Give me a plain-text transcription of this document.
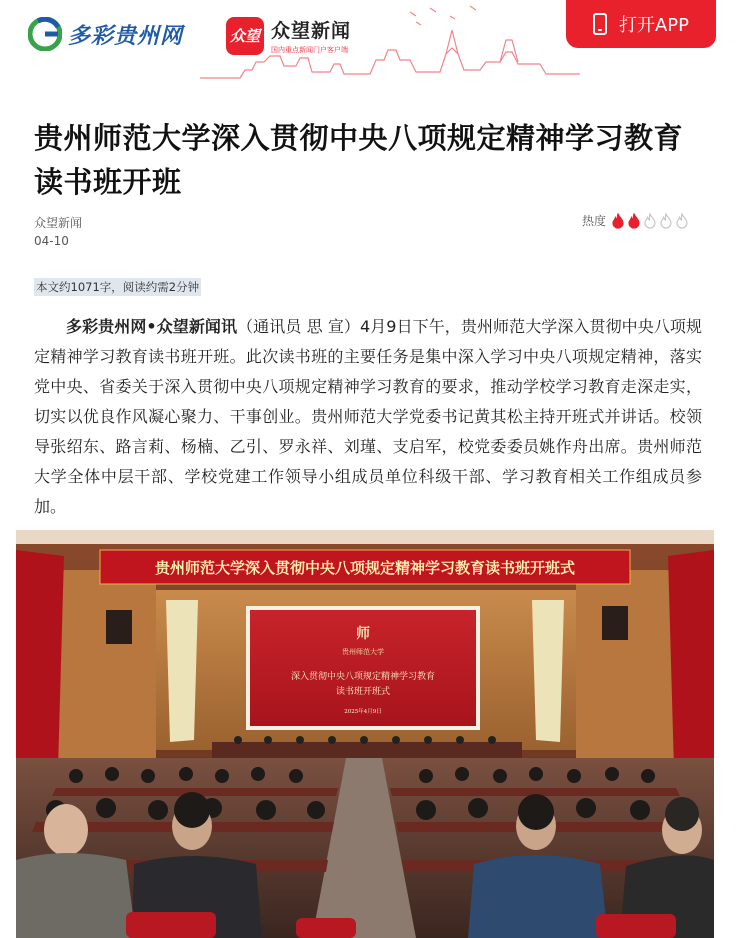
多彩贵州网	众望 众望新闻
国内重点新闻门户客户端
打开APP
贵州师范大学深入贯彻中央八项规定精神学习教育读书班开班
众望新闻
04-10
热度
本文约1071字，阅读约需2分钟

多彩贵州网•众望新闻讯（通讯员 思 宣）4月9日下午，贵州师范大学深入贯彻中央八项规定精神学习教育读书班开班。此次读书班的主要任务是集中深入学习中央八项规定精神，落实党中央、省委关于深入贯彻中央八项规定精神学习教育的要求，推动学校学习教育走深走实，切实以优良作风凝心聚力、干事创业。贵州师范大学党委书记黄其松主持开班式并讲话。校领导张绍东、路言莉、杨楠、乙引、罗永祥、刘瑾、支启军，校党委委员姚作舟出席。贵州师范大学全体中层干部、学校党建工作领导小组成员单位科级干部、学习教育相关工作组成员参加。

贵州师范大学深入贯彻中央八项规定精神学习教育读书班开班式
师
贵州师范大学
深入贯彻中央八项规定精神学习教育
读书班开班式
2025年4月9日
